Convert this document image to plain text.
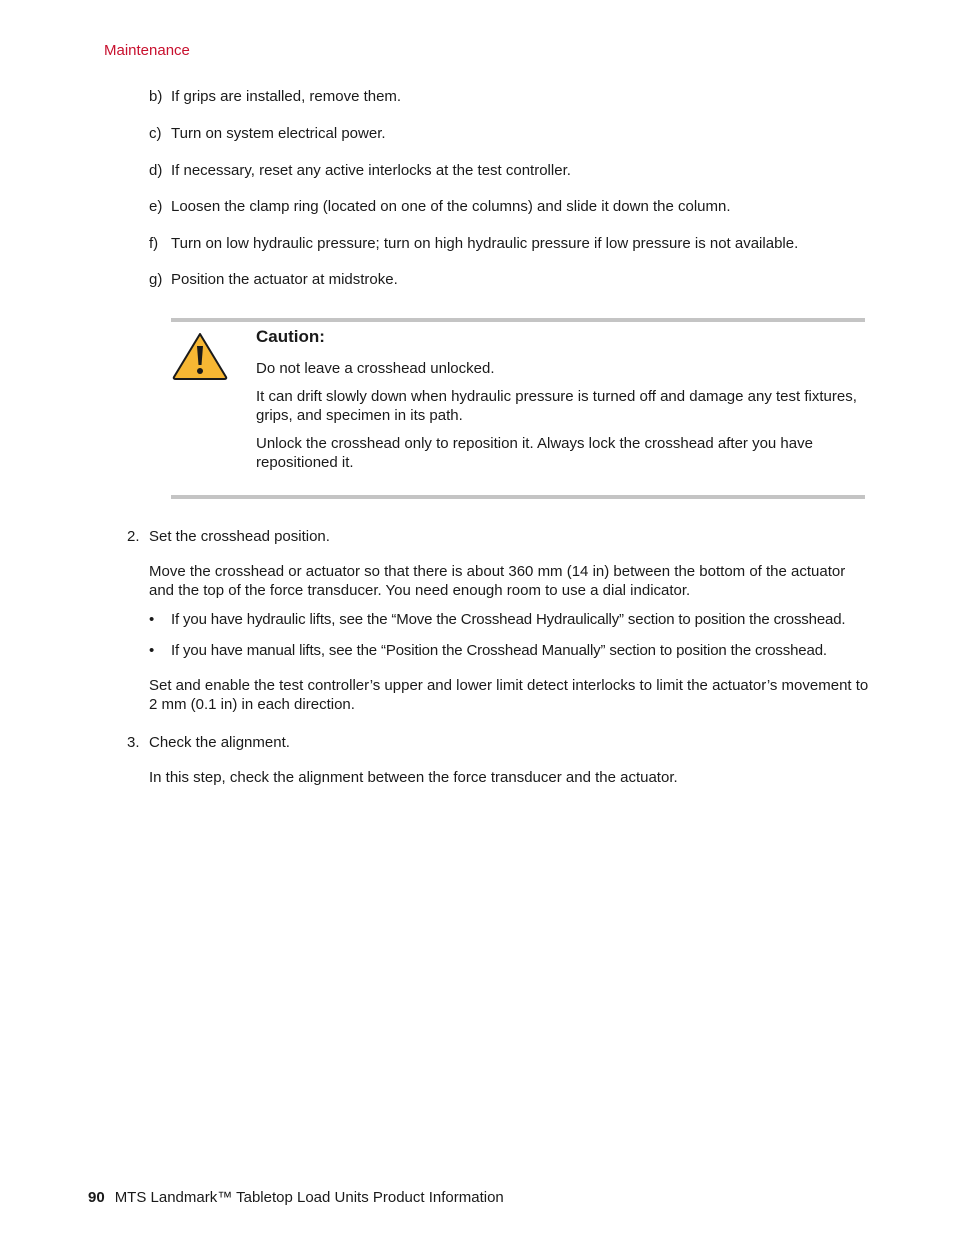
Maintenance
b) If grips are installed, remove them.
c) Turn on system electrical power.
d) If necessary, reset any active interlocks at the test controller.
e) Loosen the clamp ring (located on one of the columns) and slide it down the column.
f) Turn on low hydraulic pressure; turn on high hydraulic pressure if low pressure is not available.
g) Position the actuator at midstroke.
Caution:
Do not leave a crosshead unlocked.
It can drift slowly down when hydraulic pressure is turned off and damage any test fixtures, grips, and specimen in its path.
Unlock the crosshead only to reposition it. Always lock the crosshead after you have repositioned it.
2. Set the crosshead position.
Move the crosshead or actuator so that there is about 360 mm (14 in) between the bottom of the actuator and the top of the force transducer. You need enough room to use a dial indicator.
• If you have hydraulic lifts, see the “Move the Crosshead Hydraulically” section to position the crosshead.
• If you have manual lifts, see the “Position the Crosshead Manually” section to position the crosshead.
Set and enable the test controller’s upper and lower limit detect interlocks to limit the actuator’s movement to 2 mm (0.1 in) in each direction.
3. Check the alignment.
In this step, check the alignment between the force transducer and the actuator.
90 MTS Landmark™ Tabletop Load Units Product Information
